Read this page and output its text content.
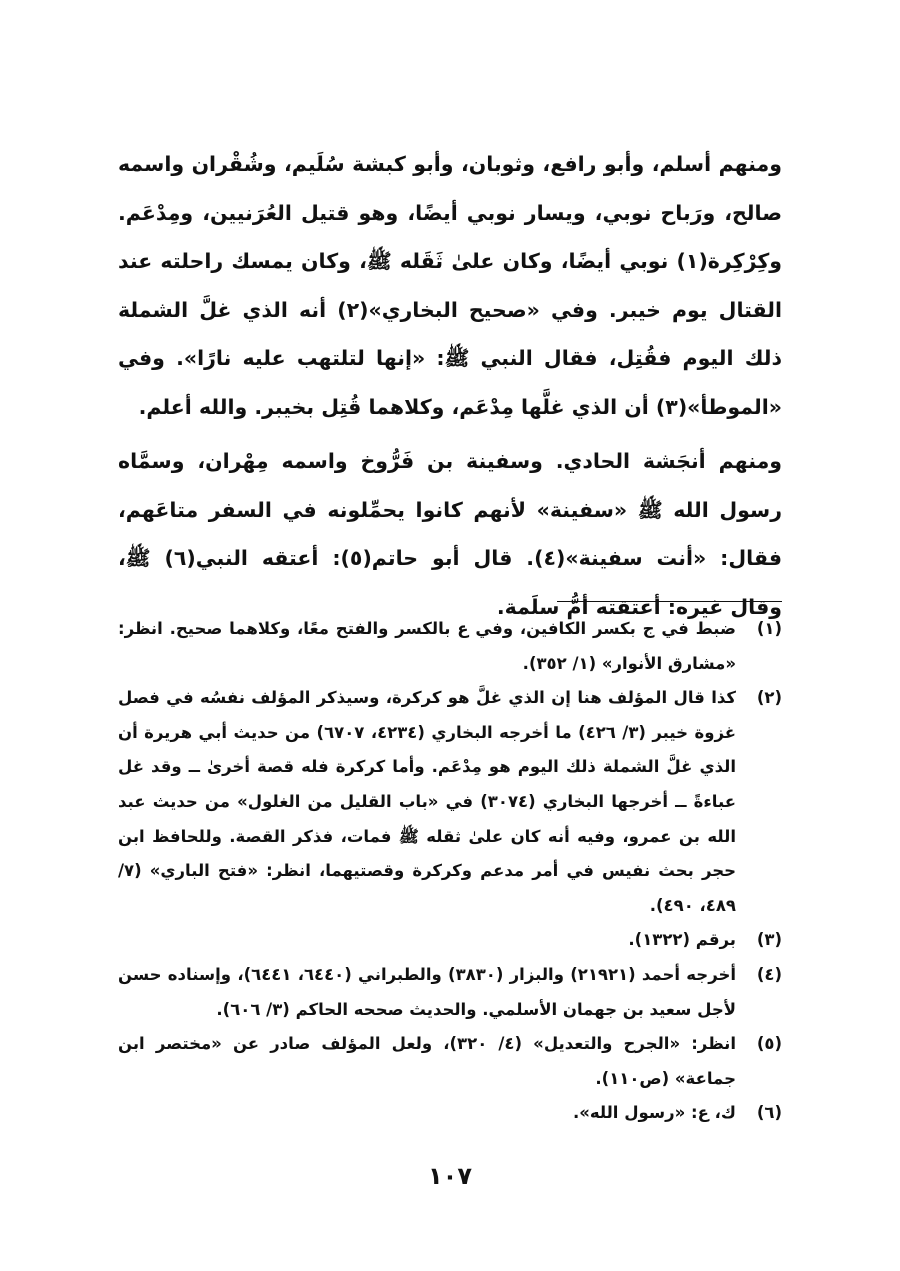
ومنهم أسلم، وأبو رافع، وثوبان، وأبو كبشة سُلَيم، وشُقْران واسمه صالح، ورَباح نوبي، ويسار نوبي أيضًا، وهو قتيل العُرَنيين، ومِدْعَم. وكِرْكِرة(١) نوبي أيضًا، وكان علىٰ ثَقَله ﷺ، وكان يمسك راحلته عند القتال يوم خيبر. وفي «صحيح البخاري»(٢) أنه الذي غلَّ الشملة ذلك اليوم فقُتِل، فقال النبي ﷺ: «إنها لتلتهب عليه نارًا». وفي «الموطأ»(٣) أن الذي غلَّها مِدْعَم، وكلاهما قُتِل بخيبر. والله أعلم.

ومنهم أنجَشة الحادي. وسفينة بن فَرُّوخ واسمه مِهْران، وسمَّاه رسول الله ﷺ «سفينة» لأنهم كانوا يحمِّلونه في السفر متاعَهم، فقال: «أنت سفينة»(٤). قال أبو حاتم(٥): أعتقه النبي(٦) ﷺ، وقال غيره: أعتقته أمُّ سلَمة.

(١)
ضبط في ج بكسر الكافين، وفي ع بالكسر والفتح معًا، وكلاهما صحيح. انظر: «مشارق الأنوار» (١/ ٣٥٢).
(٢)
كذا قال المؤلف هنا إن الذي غلَّ هو كركرة، وسيذكر المؤلف نفسُه في فصل غزوة خيبر (٣/ ٤٢٦) ما أخرجه البخاري (٤٢٣٤، ٦٧٠٧) من حديث أبي هريرة أن الذي غلَّ الشملة ذلك اليوم هو مِدْعَم. وأما كركرة فله قصة أخرىٰ ــ وقد غل عباءةً ــ أخرجها البخاري (٣٠٧٤) في «باب القليل من الغلول» من حديث عبد الله بن عمرو، وفيه أنه كان علىٰ ثقله ﷺ فمات، فذكر القصة. وللحافظ ابن حجر بحث نفيس في أمر مدعم وكركرة وقصتيهما، انظر: «فتح الباري» (٧/ ٤٨٩، ٤٩٠).
(٣)
برقم (١٣٢٢).
(٤)
أخرجه أحمد (٢١٩٢١) والبزار (٣٨٣٠) والطبراني (٦٤٤٠، ٦٤٤١)، وإسناده حسن لأجل سعيد بن جهمان الأسلمي. والحديث صححه الحاكم (٣/ ٦٠٦).
(٥)
انظر: «الجرح والتعديل» (٤/ ٣٢٠)، ولعل المؤلف صادر عن «مختصر ابن جماعة» (ص١١٠).
(٦)
ك، ع: «رسول الله».
١٠٧
